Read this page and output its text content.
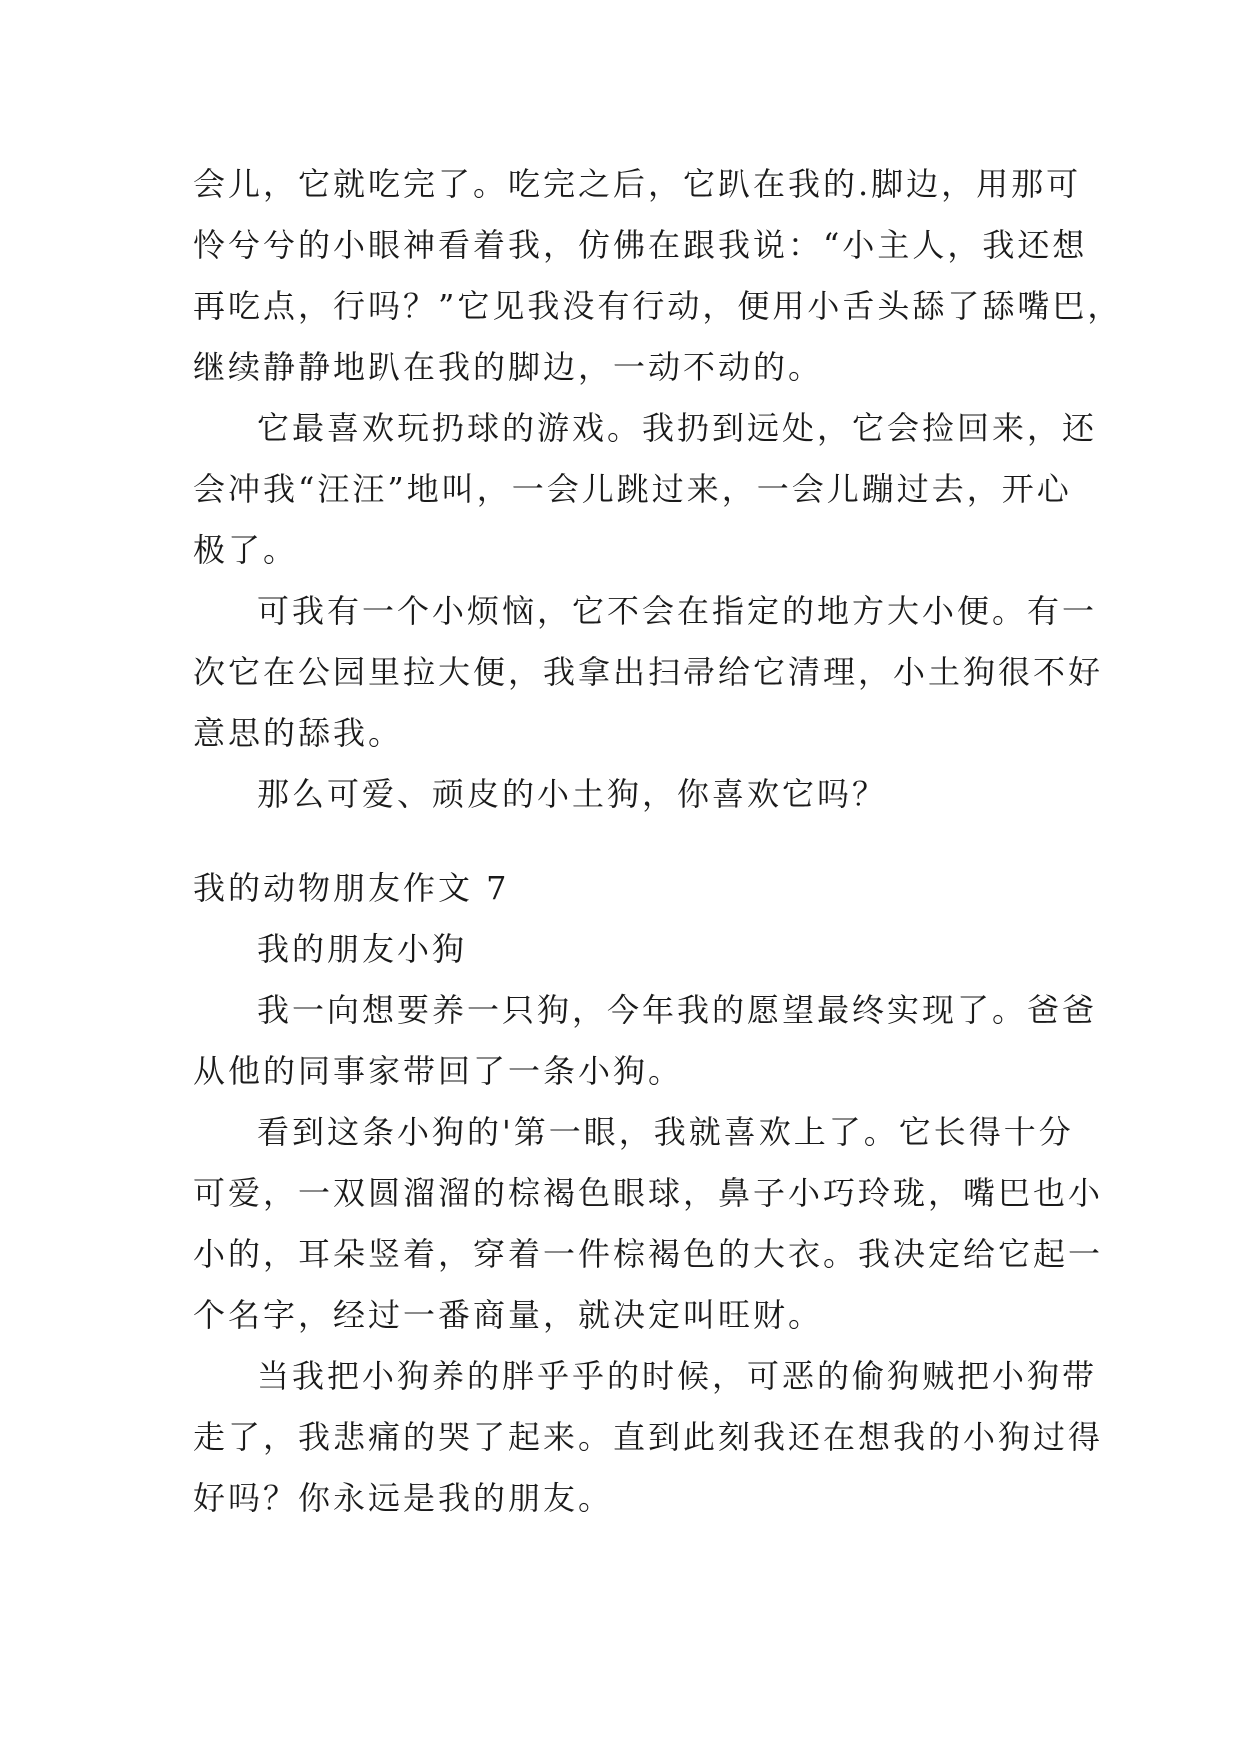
会儿，它就吃完了。吃完之后，它趴在我的.脚边，用那可
怜兮兮的小眼神看着我，仿佛在跟我说：“小主人，我还想
再吃点，行吗？”它见我没有行动，便用小舌头舔了舔嘴巴，
继续静静地趴在我的脚边，一动不动的。

它最喜欢玩扔球的游戏。我扔到远处，它会捡回来，还
会冲我“汪汪”地叫，一会儿跳过来，一会儿蹦过去，开心
极了。

可我有一个小烦恼，它不会在指定的地方大小便。有一
次它在公园里拉大便，我拿出扫帚给它清理，小土狗很不好
意思的舔我。

那么可爱、顽皮的小土狗，你喜欢它吗？

我的动物朋友作文 7

我的朋友小狗

我一向想要养一只狗，今年我的愿望最终实现了。爸爸
从他的同事家带回了一条小狗。

看到这条小狗的'第一眼，我就喜欢上了。它长得十分
可爱，一双圆溜溜的棕褐色眼球，鼻子小巧玲珑，嘴巴也小
小的，耳朵竖着，穿着一件棕褐色的大衣。我决定给它起一
个名字，经过一番商量，就决定叫旺财。

当我把小狗养的胖乎乎的时候，可恶的偷狗贼把小狗带
走了，我悲痛的哭了起来。直到此刻我还在想我的小狗过得
好吗？你永远是我的朋友。
